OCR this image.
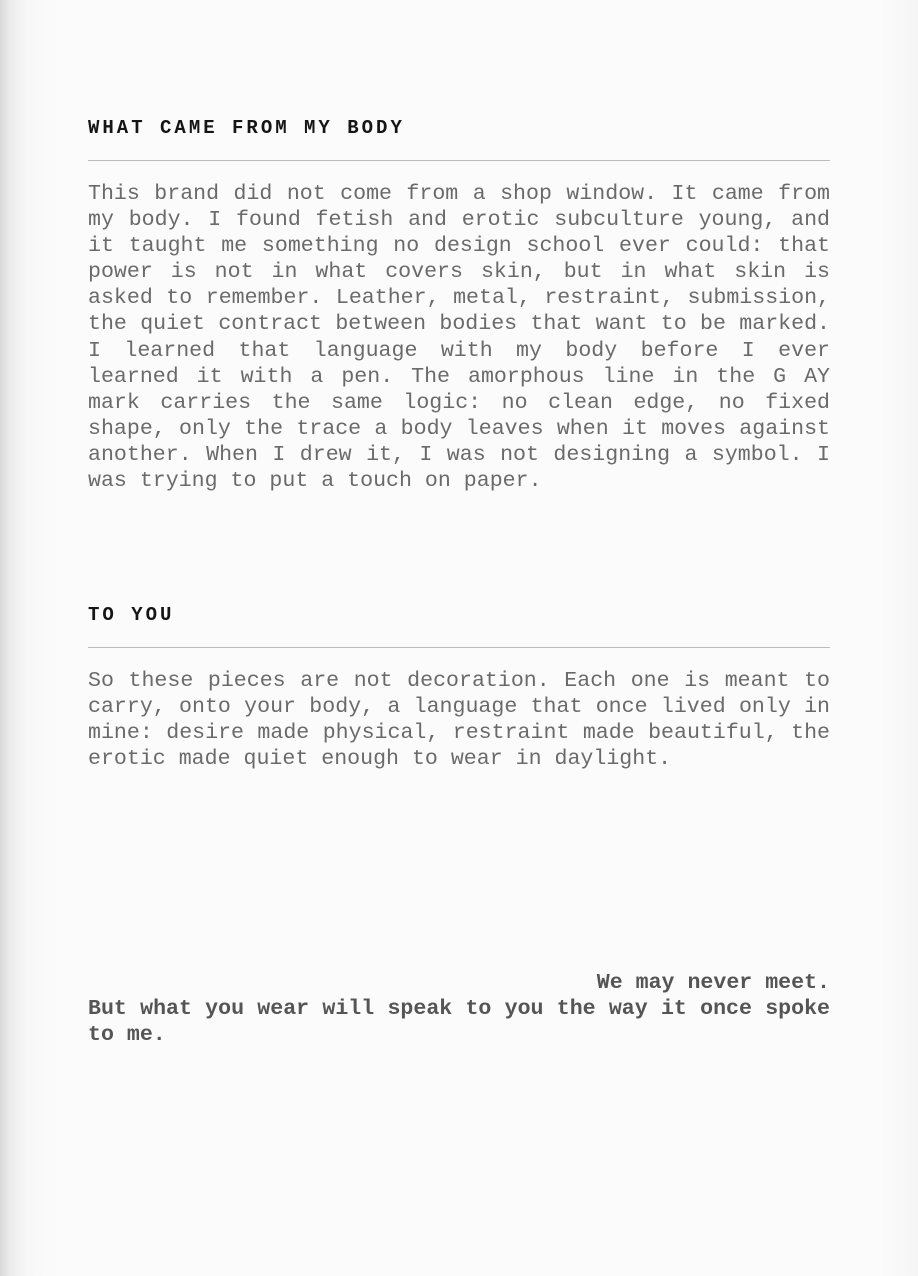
WHAT CAME FROM MY BODY

This brand did not come from a shop window. It came from my body. I found fetish and erotic subculture young, and it taught me something no design school ever could: that power is not in what covers skin, but in what skin is asked to remember. Leather, metal, restraint, submission, the quiet contract between bodies that want to be marked. I learned that language with my body before I ever learned it with a pen. The amorphous line in the G AY mark carries the same logic: no clean edge, no fixed shape, only the trace a body leaves when it moves against another. When I drew it, I was not designing a symbol. I was trying to put a touch on paper.

TO YOU

So these pieces are not decoration. Each one is meant to carry, onto your body, a language that once lived only in mine: desire made physical, restraint made beautiful, the erotic made quiet enough to wear in daylight.

We may never meet.
But what you wear will speak to you the way it once spoke to me.
